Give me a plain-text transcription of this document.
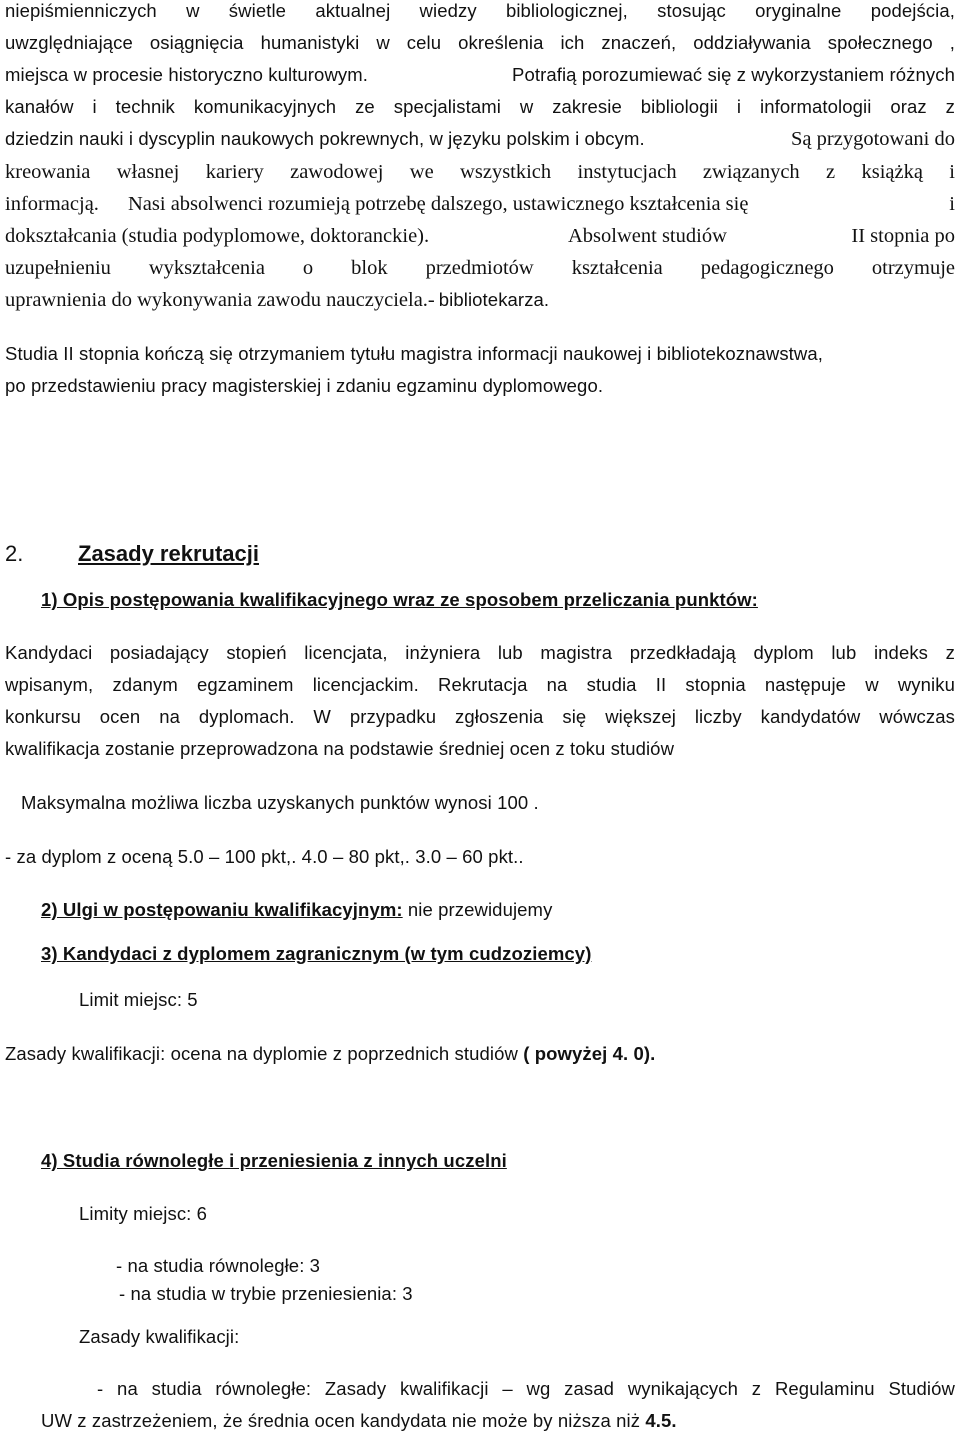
niepiśmienniczych w świetle aktualnej wiedzy bibliologicznej, stosując oryginalne podejścia,
uwzględniające osiągnięcia humanistyki w celu określenia ich znaczeń, oddziaływania społecznego ,
miejsca w procesie historyczno kulturowym.	Potrafią porozumiewać się z wykorzystaniem różnych
kanałów i technik komunikacyjnych ze specjalistami w zakresie bibliologii i informatologii oraz z
dziedzin nauki i dyscyplin naukowych pokrewnych, w języku polskim i obcym.	Są przygotowani do
kreowania własnej kariery zawodowej we wszystkich instytucjach związanych z książką i
informacją. Nasi absolwenci rozumieją potrzebę dalszego, ustawicznego kształcenia się	i
dokształcania (studia podyplomowe, doktoranckie).	Absolwent studiów	II stopnia po
uzupełnieniu wykształcenia o blok przedmiotów kształcenia pedagogicznego otrzymuje
uprawnienia do wykonywania zawodu nauczyciela.- bibliotekarza.
Studia II stopnia kończą się otrzymaniem tytułu magistra informacji naukowej i bibliotekoznawstwa,
po przedstawieniu pracy magisterskiej i zdaniu egzaminu dyplomowego.
2. Zasady rekrutacji
1) Opis postępowania kwalifikacyjnego wraz ze sposobem przeliczania punktów:
Kandydaci posiadający stopień licencjata, inżyniera lub magistra przedkładają dyplom lub indeks z
wpisanym, zdanym egzaminem licencjackim. Rekrutacja na studia II stopnia następuje w wyniku
konkursu ocen na dyplomach. W przypadku zgłoszenia się większej liczby kandydatów wówczas
kwalifikacja zostanie przeprowadzona na podstawie średniej ocen z toku studiów
Maksymalna możliwa liczba uzyskanych punktów wynosi 100 .
- za dyplom z oceną 5.0 – 100 pkt,. 4.0 – 80 pkt,. 3.0 – 60 pkt..
2) Ulgi w postępowaniu kwalifikacyjnym: nie przewidujemy
3) Kandydaci z dyplomem zagranicznym (w tym cudzoziemcy)
Limit miejsc: 5
Zasady kwalifikacji: ocena na dyplomie z poprzednich studiów ( powyżej 4. 0).
4) Studia równoległe i przeniesienia z innych uczelni
Limity miejsc: 6
- na studia równoległe: 3
- na studia w trybie przeniesienia: 3
Zasady kwalifikacji:
- na studia równoległe: Zasady kwalifikacji – wg zasad wynikających z Regulaminu Studiów
UW z zastrzeżeniem, że średnia ocen kandydata nie może by niższa niż 4.5.
